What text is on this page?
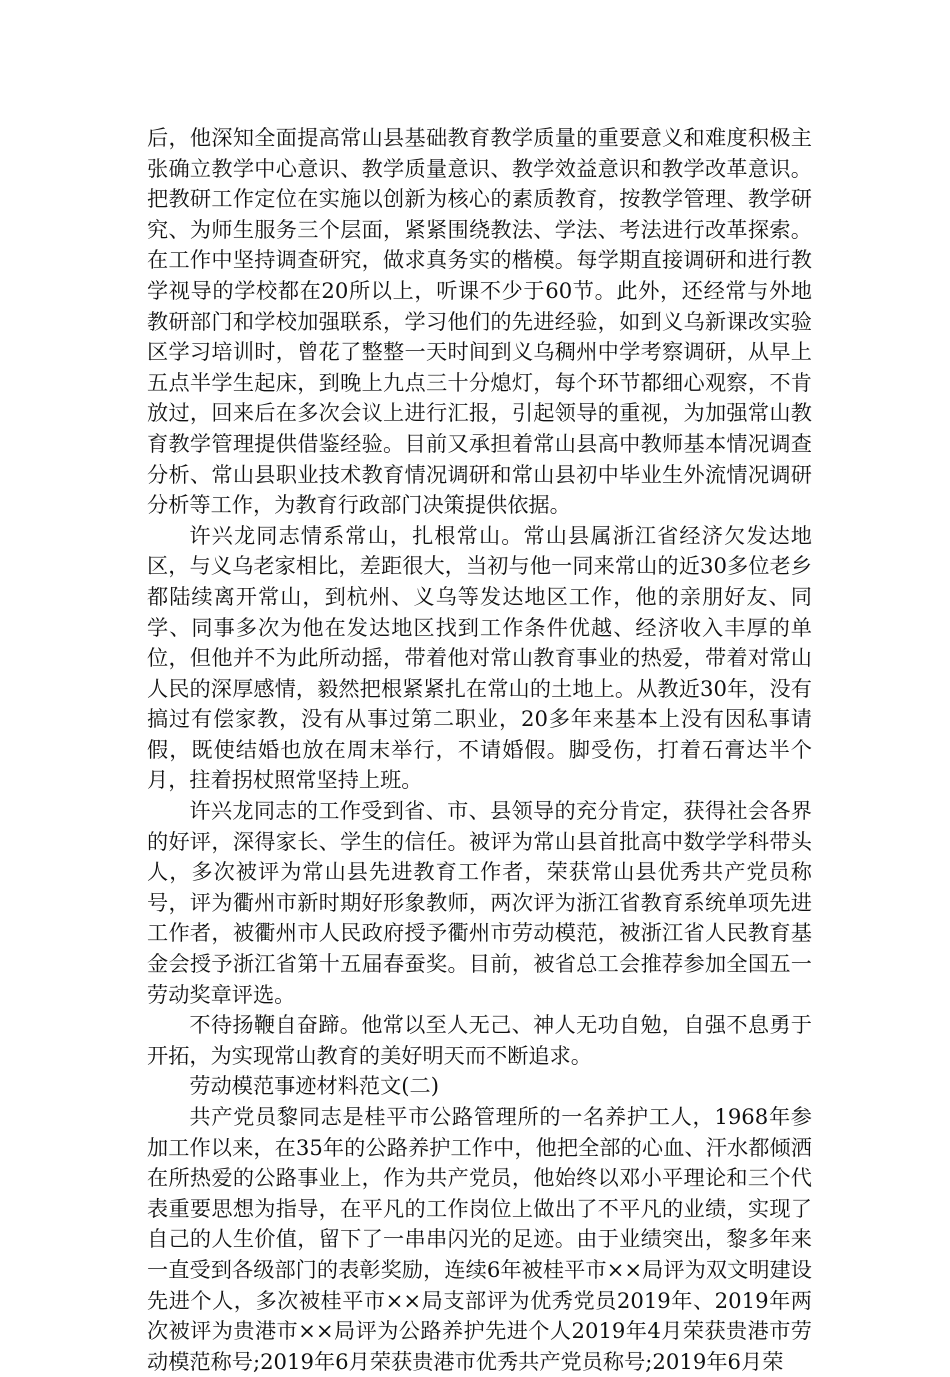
后，他深知全面提高常山县基础教育教学质量的重要意义和难度积极主张确立教学中心意识、教学质量意识、教学效益意识和教学改革意识。把教研工作定位在实施以创新为核心的素质教育，按教学管理、教学研究、为师生服务三个层面，紧紧围绕教法、学法、考法进行改革探索。在工作中坚持调查研究，做求真务实的楷模。每学期直接调研和进行教学视导的学校都在20所以上，听课不少于60节。此外，还经常与外地教研部门和学校加强联系，学习他们的先进经验，如到义乌新课改实验区学习培训时，曾花了整整一天时间到义乌稠州中学考察调研，从早上五点半学生起床，到晚上九点三十分熄灯，每个环节都细心观察，不肯放过，回来后在多次会议上进行汇报，引起领导的重视，为加强常山教育教学管理提供借鉴经验。目前又承担着常山县高中教师基本情况调查分析、常山县职业技术教育情况调研和常山县初中毕业生外流情况调研分析等工作，为教育行政部门决策提供依据。

许兴龙同志情系常山，扎根常山。常山县属浙江省经济欠发达地区，与义乌老家相比，差距很大，当初与他一同来常山的近30多位老乡都陆续离开常山，到杭州、义乌等发达地区工作，他的亲朋好友、同学、同事多次为他在发达地区找到工作条件优越、经济收入丰厚的单位，但他并不为此所动摇，带着他对常山教育事业的热爱，带着对常山人民的深厚感情，毅然把根紧紧扎在常山的土地上。从教近30年，没有搞过有偿家教，没有从事过第二职业，20多年来基本上没有因私事请假，既使结婚也放在周末举行，不请婚假。脚受伤，打着石膏达半个月，拄着拐杖照常坚持上班。

许兴龙同志的工作受到省、市、县领导的充分肯定，获得社会各界的好评，深得家长、学生的信任。被评为常山县首批高中数学学科带头人，多次被评为常山县先进教育工作者，荣获常山县优秀共产党员称号，评为衢州市新时期好形象教师，两次评为浙江省教育系统单项先进工作者，被衢州市人民政府授予衢州市劳动模范，被浙江省人民教育基金会授予浙江省第十五届春蚕奖。目前，被省总工会推荐参加全国五一劳动奖章评选。

不待扬鞭自奋蹄。他常以至人无己、神人无功自勉，自强不息勇于开拓，为实现常山教育的美好明天而不断追求。

劳动模范事迹材料范文(二)

共产党员黎同志是桂平市公路管理所的一名养护工人，1968年参加工作以来，在35年的公路养护工作中，他把全部的心血、汗水都倾洒在所热爱的公路事业上，作为共产党员，他始终以邓小平理论和三个代表重要思想为指导，在平凡的工作岗位上做出了不平凡的业绩，实现了自己的人生价值，留下了一串串闪光的足迹。由于业绩突出，黎多年来一直受到各级部门的表彰奖励，连续6年被桂平市××局评为双文明建设先进个人，多次被桂平市××局支部评为优秀党员2019年、2019年两次被评为贵港市××局评为公路养护先进个人2019年4月荣获贵港市劳动模范称号;2019年6月荣获贵港市优秀共产党员称号;2019年6月荣
